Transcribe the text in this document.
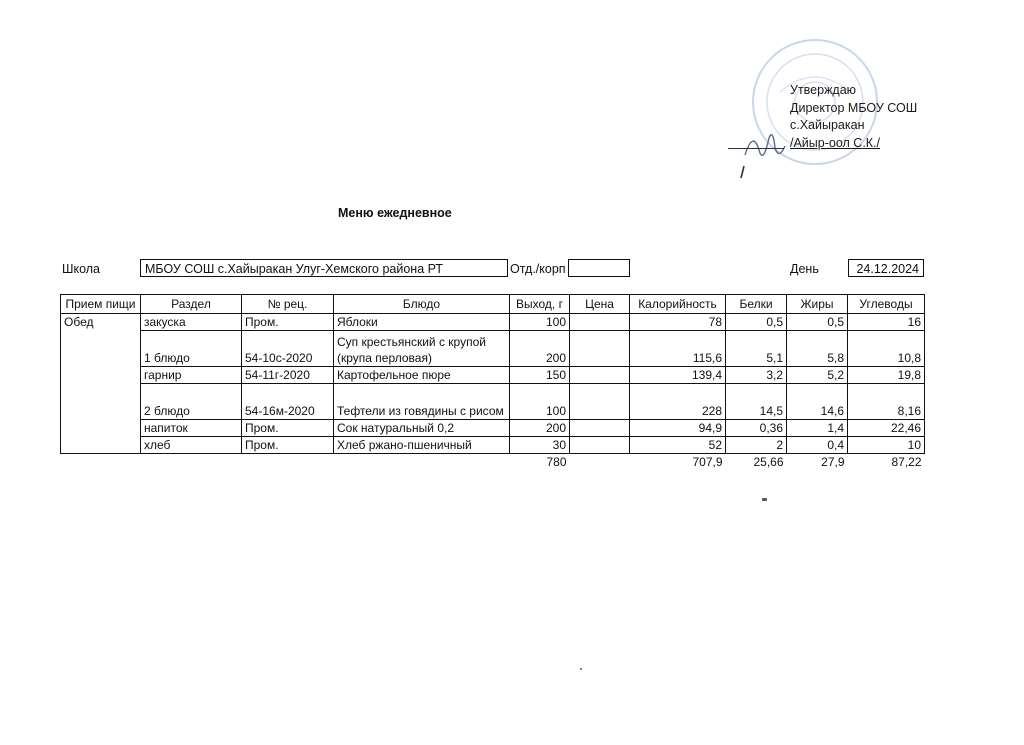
Утверждаю
Директор МБОУ СОШ
с.Хайыракан
/Айыр-оол С.К./
Меню ежедневное
Школа	МБОУ СОШ с.Хайыракан Улуг-Хемского района РТ	Отд./корп	День	24.12.2024
Прием пищи	Раздел	№ рец.	Блюдо	Выход, г	Цена	Калорийность	Белки	Жиры	Углеводы
Обед	закуска	Пром.	Яблоки	100		78	0,5	0,5	16
	1 блюдо	54-10с-2020	Суп крестьянский с крупой (крупа перловая)	200		115,6	5,1	5,8	10,8
	гарнир	54-11г-2020	Картофельное пюре	150		139,4	3,2	5,2	19,8
	2 блюдо	54-16м-2020	Тефтели из говядины с рисом	100		228	14,5	14,6	8,16
	напиток	Пром.	Сок натуральный 0,2	200		94,9	0,36	1,4	22,46
	хлеб	Пром.	Хлеб ржано-пшеничный	30		52	2	0,4	10
				780		707,9	25,66	27,9	87,22
